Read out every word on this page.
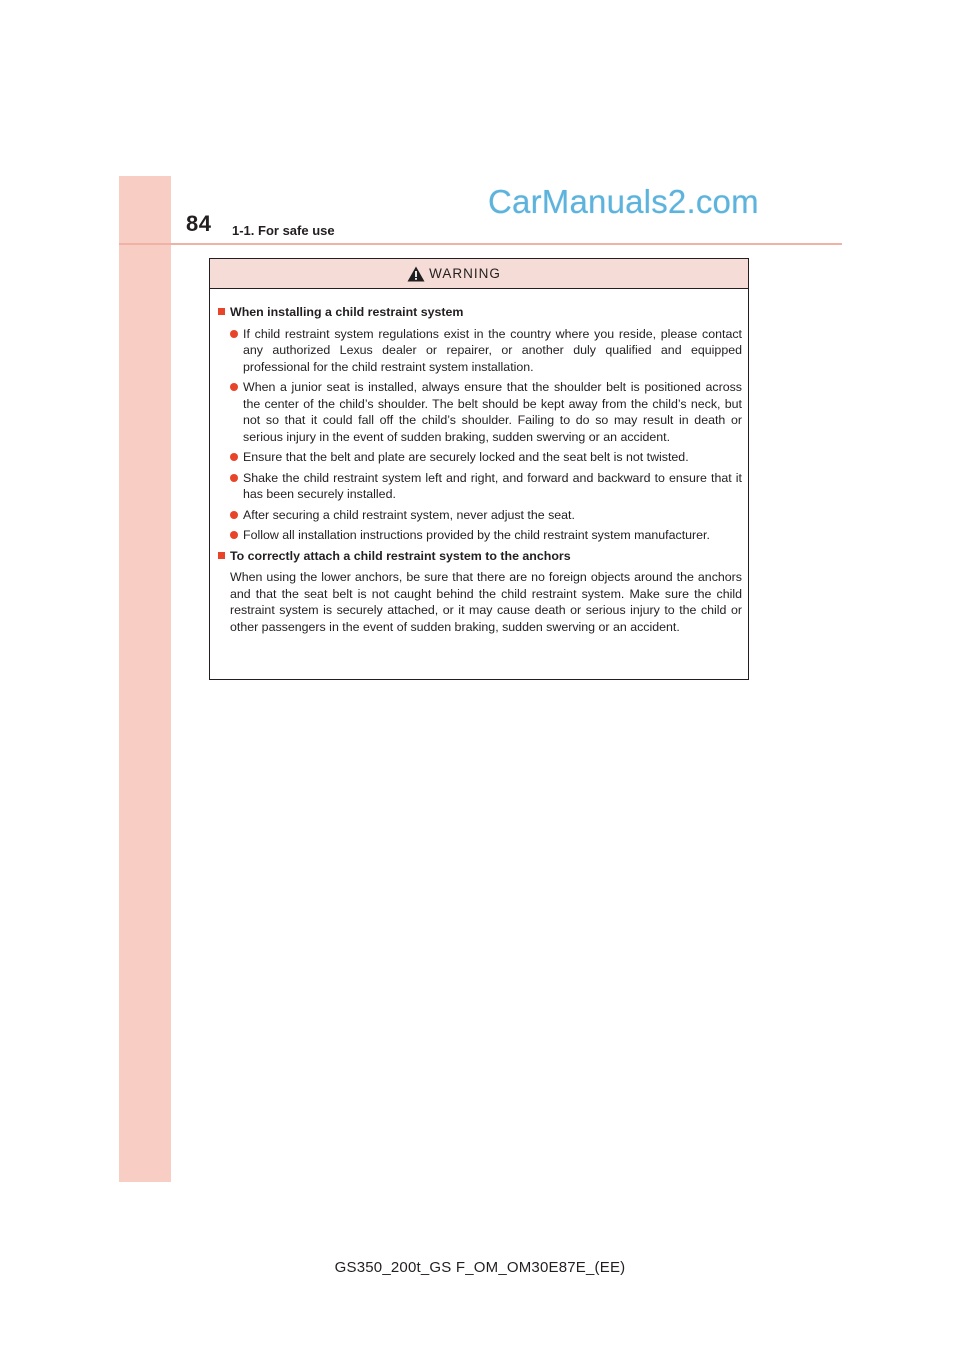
84 1-1. For safe use
CarManuals2.com
WARNING
When installing a child restraint system
If child restraint system regulations exist in the country where you reside, please contact any authorized Lexus dealer or repairer, or another duly qualified and equipped professional for the child restraint system installation.
When a junior seat is installed, always ensure that the shoulder belt is positioned across the center of the child’s shoulder. The belt should be kept away from the child’s neck, but not so that it could fall off the child’s shoulder. Failing to do so may result in death or serious injury in the event of sudden braking, sudden swerving or an accident.
Ensure that the belt and plate are securely locked and the seat belt is not twisted.
Shake the child restraint system left and right, and forward and backward to ensure that it has been securely installed.
After securing a child restraint system, never adjust the seat.
Follow all installation instructions provided by the child restraint system manufacturer.
To correctly attach a child restraint system to the anchors
When using the lower anchors, be sure that there are no foreign objects around the anchors and that the seat belt is not caught behind the child restraint system. Make sure the child restraint system is securely attached, or it may cause death or serious injury to the child or other passengers in the event of sudden braking, sudden swerving or an accident.
GS350_200t_GS F_OM_OM30E87E_(EE)
